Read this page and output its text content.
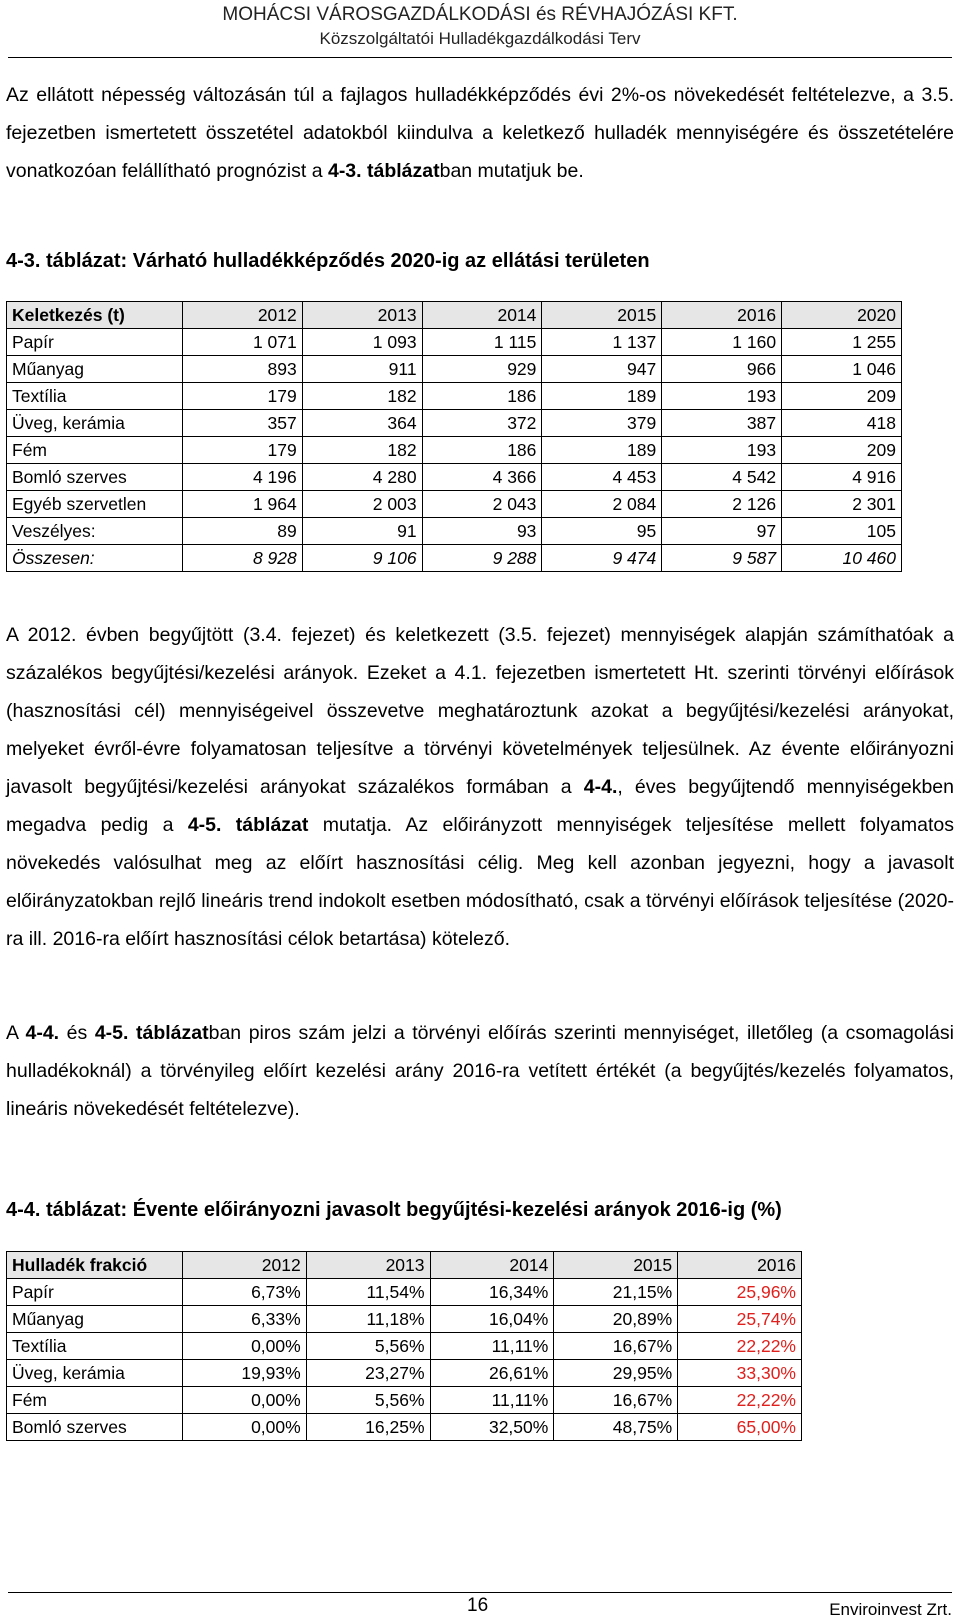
MOHÁCSI VÁROSGAZDÁLKODÁSI és RÉVHAJÓZÁSI KFT.
Közszolgáltatói Hulladékgazdálkodási Terv

Az ellátott népesség változásán túl a fajlagos hulladékképződés évi 2%-os növekedését feltételezve, a 3.5. fejezetben ismertetett összetétel adatokból kiindulva a keletkező hulladék mennyiségére és összetételére vonatkozóan felállítható prognózist a 4-3. táblázatban mutatjuk be.

4-3. táblázat: Várható hulladékképződés 2020-ig az ellátási területen
Keletkezés (t)	2012	2013	2014	2015	2016	2020
Papír	1 071	1 093	1 115	1 137	1 160	1 255
Műanyag	893	911	929	947	966	1 046
Textília	179	182	186	189	193	209
Üveg, kerámia	357	364	372	379	387	418
Fém	179	182	186	189	193	209
Bomló szerves	4 196	4 280	4 366	4 453	4 542	4 916
Egyéb szervetlen	1 964	2 003	2 043	2 084	2 126	2 301
Veszélyes:	89	91	93	95	97	105
Összesen:	8 928	9 106	9 288	9 474	9 587	10 460

A 2012. évben begyűjtött (3.4. fejezet) és keletkezett (3.5. fejezet) mennyiségek alapján számíthatóak a százalékos begyűjtési/kezelési arányok. Ezeket a 4.1. fejezetben ismertetett Ht. szerinti törvényi előírások (hasznosítási cél) mennyiségeivel összevetve meghatároztunk azokat a begyűjtési/kezelési arányokat, melyeket évről-évre folyamatosan teljesítve a törvényi követelmények teljesülnek. Az évente előirányozni javasolt begyűjtési/kezelési arányokat százalékos formában a 4-4., éves begyűjtendő mennyiségekben megadva pedig a 4-5. táblázat mutatja. Az előirányzott mennyiségek teljesítése mellett folyamatos növekedés valósulhat meg az előírt hasznosítási célig. Meg kell azonban jegyezni, hogy a javasolt előirányzatokban rejlő lineáris trend indokolt esetben módosítható, csak a törvényi előírások teljesítése (2020-ra ill. 2016-ra előírt hasznosítási célok betartása) kötelező.

A 4-4. és 4-5. táblázatban piros szám jelzi a törvényi előírás szerinti mennyiséget, illetőleg (a csomagolási hulladékoknál) a törvényileg előírt kezelési arány 2016-ra vetített értékét (a begyűjtés/kezelés folyamatos, lineáris növekedését feltételezve).

4-4. táblázat: Évente előirányozni javasolt begyűjtési-kezelési arányok 2016-ig (%)
Hulladék frakció	2012	2013	2014	2015	2016
Papír	6,73%	11,54%	16,34%	21,15%	25,96%
Műanyag	6,33%	11,18%	16,04%	20,89%	25,74%
Textília	0,00%	5,56%	11,11%	16,67%	22,22%
Üveg, kerámia	19,93%	23,27%	26,61%	29,95%	33,30%
Fém	0,00%	5,56%	11,11%	16,67%	22,22%
Bomló szerves	0,00%	16,25%	32,50%	48,75%	65,00%
16	Enviroinvest Zrt.
